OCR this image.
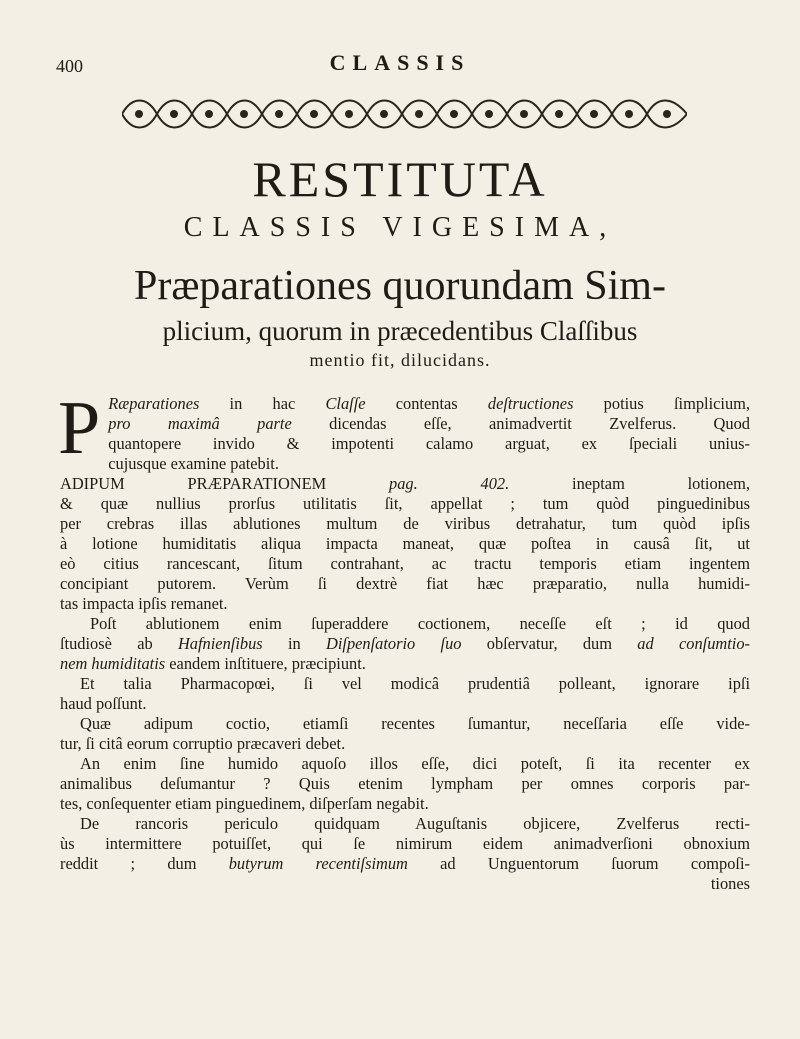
400	CLASSIS
RESTITUTA
CLASSIS VIGESIMA,
Præparationes quorundam Sim-
plicium, quorum in præcedentibus Claſſibus
mentio fit, dilucidans.
P Ræparationes in hac Claſſe contentas deſtructiones potius ſimplicium,
pro maximâ parte dicendas eſſe, animadvertit Zvelferus. Quod
quantopere invido & impotenti calamo arguat, ex ſpeciali unius-
cujusque examine patebit.
ADIPUM PRÆPARATIONEM pag. 402. ineptam lotionem,
& quæ nullius prorſus utilitatis ſit, appellat ; tum quòd pinguedinibus
per crebras illas ablutiones multum de viribus detrahatur, tum quòd ipſis
à lotione humiditatis aliqua impacta maneat, quæ poſtea in causâ ſit, ut
eò citius rancescant, ſitum contrahant, ac tractu temporis etiam ingentem
concipiant putorem. Verùm ſi dextrè fiat hæc præparatio, nulla humidi-
tas impacta ipſis remanet.
Poſt ablutionem enim ſuperaddere coctionem, neceſſe eſt ; id quod
ſtudiosè ab Hafnienſibus in Diſpenſatorio ſuo obſervatur, dum ad conſumtio-
nem humiditatis eandem inſtituere, præcipiunt.
Et talia Pharmacopœi, ſi vel modicâ prudentiâ polleant, ignorare ipſi
haud poſſunt.
Quæ adipum coctio, etiamſi recentes ſumantur, neceſſaria eſſe vide-
tur, ſi citâ eorum corruptio præcaveri debet.
An enim ſine humido aquoſo illos eſſe, dici poteſt, ſi ita recenter ex
animalibus deſumantur ? Quis etenim lympham per omnes corporis par-
tes, conſequenter etiam pinguedinem, diſperſam negabit.
De rancoris periculo quidquam Auguſtanis objicere, Zvelferus recti-
ùs intermittere potuiſſet, qui ſe nimirum eidem animadverſioni obnoxium
reddit ; dum butyrum recentiſsimum ad Unguentorum ſuorum compoſi-
tiones
